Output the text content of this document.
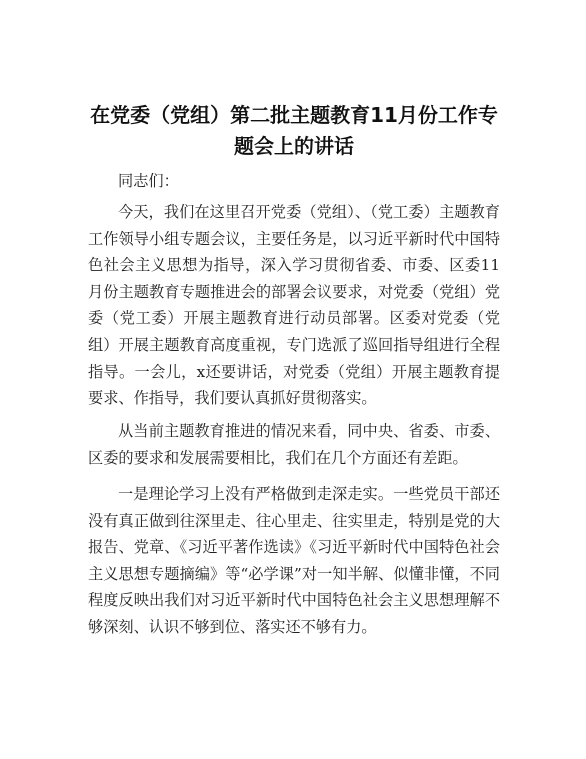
在党委（党组）第二批主题教育11月份工作专题会上的讲话

同志们：

今天，我们在这里召开党委（党组）、（党工委）主题教育工作领导小组专题会议，主要任务是，以习近平新时代中国特色社会主义思想为指导，深入学习贯彻省委、市委、区委11月份主题教育专题推进会的部署会议要求，对党委（党组）党委（党工委）开展主题教育进行动员部署。区委对党委（党组）开展主题教育高度重视，专门选派了巡回指导组进行全程指导。一会儿，x还要讲话，对党委（党组）开展主题教育提要求、作指导，我们要认真抓好贯彻落实。

从当前主题教育推进的情况来看，同中央、省委、市委、区委的要求和发展需要相比，我们在几个方面还有差距。

一是理论学习上没有严格做到走深走实。一些党员干部还没有真正做到往深里走、往心里走、往实里走，特别是党的大报告、党章、《习近平著作选读》《习近平新时代中国特色社会主义思想专题摘编》等“必学课”对一知半解、似懂非懂，不同程度反映出我们对习近平新时代中国特色社会主义思想理解不够深刻、认识不够到位、落实还不够有力。
